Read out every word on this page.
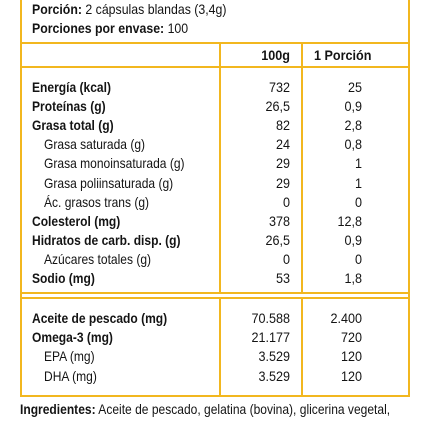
Porción: 2 cápsulas blandas (3,4g)
Porciones por envase: 100
100g 1 Porción
Energía (kcal)	732	25
Proteínas (g)	26,5	0,9
Grasa total (g)	82	2,8
Grasa saturada (g)	24	0,8
Grasa monoinsaturada (g)	29	1
Grasa poliinsaturada (g)	29	1
Ác. grasos trans (g)	0	0
Colesterol (mg)	378	12,8
Hidratos de carb. disp. (g)	26,5	0,9
Azúcares totales (g)	0	0
Sodio (mg)	53	1,8
Aceite de pescado (mg)	70.588	2.400
Omega-3 (mg)	21.177	720
EPA (mg)	3.529	120
DHA (mg)	3.529	120
Ingredientes: Aceite de pescado, gelatina (bovina), glicerina vegetal,
